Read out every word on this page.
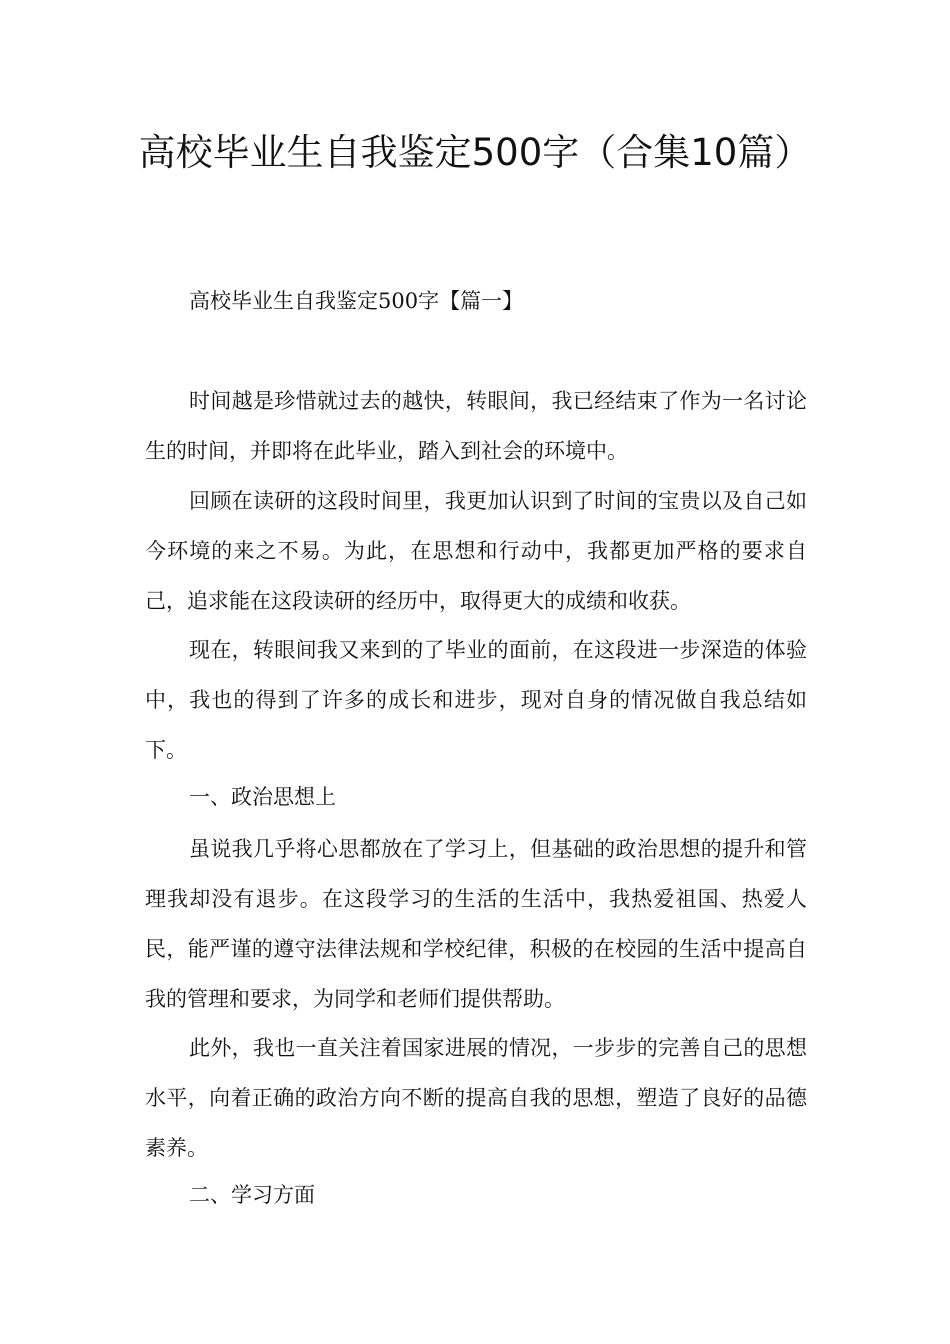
高校毕业生自我鉴定500字（合集10篇）

高校毕业生自我鉴定500字【篇一】

时间越是珍惜就过去的越快，转眼间，我已经结束了作为一名讨论生的时间，并即将在此毕业，踏入到社会的环境中。

回顾在读研的这段时间里，我更加认识到了时间的宝贵以及自己如今环境的来之不易。为此，在思想和行动中，我都更加严格的要求自己，追求能在这段读研的经历中，取得更大的成绩和收获。

现在，转眼间我又来到的了毕业的面前，在这段进一步深造的体验中，我也的得到了许多的成长和进步，现对自身的情况做自我总结如下。

一、政治思想上

虽说我几乎将心思都放在了学习上，但基础的政治思想的提升和管理我却没有退步。在这段学习的生活的生活中，我热爱祖国、热爱人民，能严谨的遵守法律法规和学校纪律，积极的在校园的生活中提高自我的管理和要求，为同学和老师们提供帮助。

此外，我也一直关注着国家进展的情况，一步步的完善自己的思想水平，向着正确的政治方向不断的提高自我的思想，塑造了良好的品德素养。

二、学习方面
